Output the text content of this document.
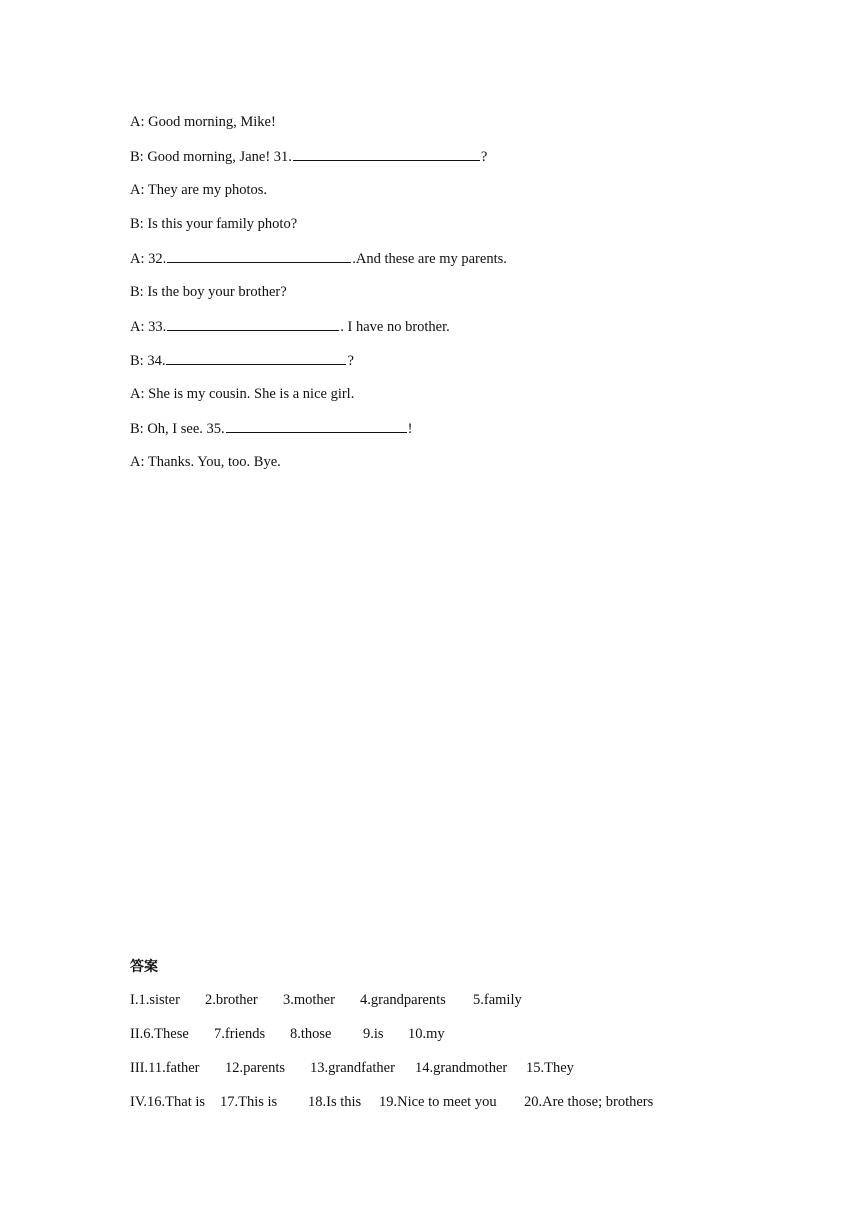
A: Good morning, Mike!
B: Good morning, Jane! 31.	?
A: They are my photos.
B: Is this your family photo?
A: 32.	.And these are my parents.
B: Is the boy your brother?
A: 33.	. I have no brother.
B: 34.	?
A: She is my cousin. She is a nice girl.
B: Oh, I see. 35.	!
A: Thanks. You, too. Bye.
答案
I.1.sister 2.brother 3.mother 4.grandparents 5.family
II.6.These 7.friends 8.those 9.is 10.my
III.11.father 12.parents 13.grandfather 14.grandmother 15.They
IV.16.That is 17.This is 18.Is this 19.Nice to meet you 20.Are those; brothers
